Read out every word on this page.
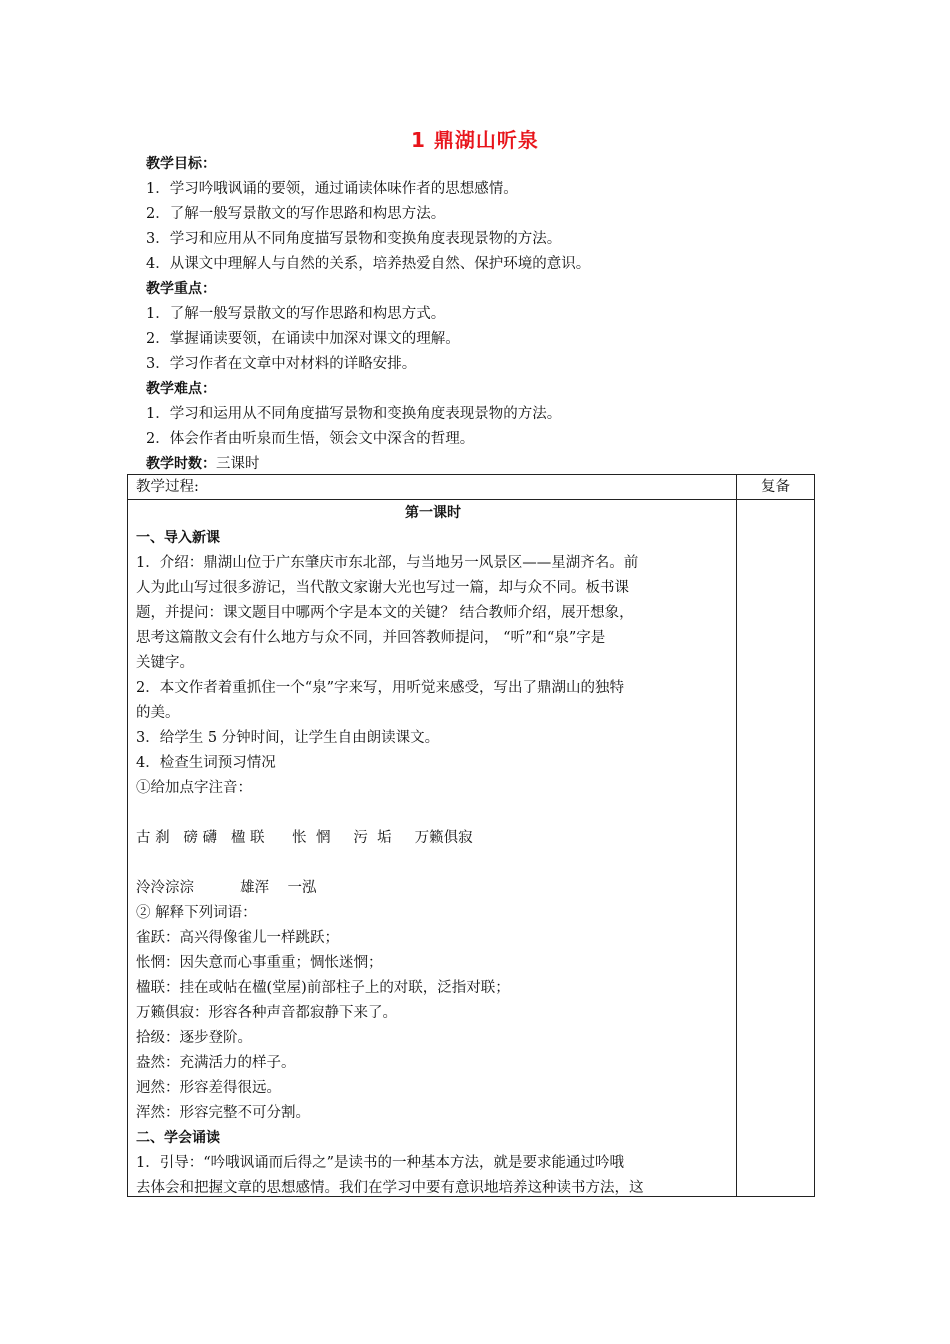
1 鼎湖山听泉
教学目标：
1．学习吟哦讽诵的要领，通过诵读体味作者的思想感情。
2．了解一般写景散文的写作思路和构思方法。
3．学习和应用从不同角度描写景物和变换角度表现景物的方法。
4．从课文中理解人与自然的关系，培养热爱自然、保护环境的意识。
教学重点：
1．了解一般写景散文的写作思路和构思方式。
2．掌握诵读要领，在诵读中加深对课文的理解。
3．学习作者在文章中对材料的详略安排。
教学难点：
1．学习和运用从不同角度描写景物和变换角度表现景物的方法。
2．体会作者由听泉而生悟，领会文中深含的哲理。
教学时数：三课时
教学过程:	复备
第一课时
一、导入新课
1．介绍：鼎湖山位于广东肇庆市东北部，与当地另一风景区——星湖齐名。前
人为此山写过很多游记，当代散文家谢大光也写过一篇，却与众不同。板书课
题，并提问：课文题目中哪两个字是本文的关键？ 结合教师介绍，展开想象，
思考这篇散文会有什么地方与众不同，并回答教师提问， “听”和“泉”字是
关键字。
2．本文作者着重抓住一个“泉”字来写，用听觉来感受，写出了鼎湖山的独特
的美。
3．给学生 5 分钟时间，让学生自由朗读课文。
4．检查生词预习情况
①给加点字注音：
古 刹   磅 礴   楹 联      怅  惘     污  垢     万籁俱寂
泠泠淙淙          雄浑    一泓
② 解释下列词语：
雀跃：高兴得像雀儿一样跳跃；
怅惘：因失意而心事重重；惆怅迷惘；
楹联：挂在或帖在楹(堂屋)前部柱子上的对联，泛指对联；
万籁俱寂：形容各种声音都寂静下来了。
拾级：逐步登阶。
盎然：充满活力的样子。
迥然：形容差得很远。
浑然：形容完整不可分割。
二、学会诵读
1．引导：“吟哦讽诵而后得之”是读书的一种基本方法，就是要求能通过吟哦
去体会和把握文章的思想感情。我们在学习中要有意识地培养这种读书方法，这
